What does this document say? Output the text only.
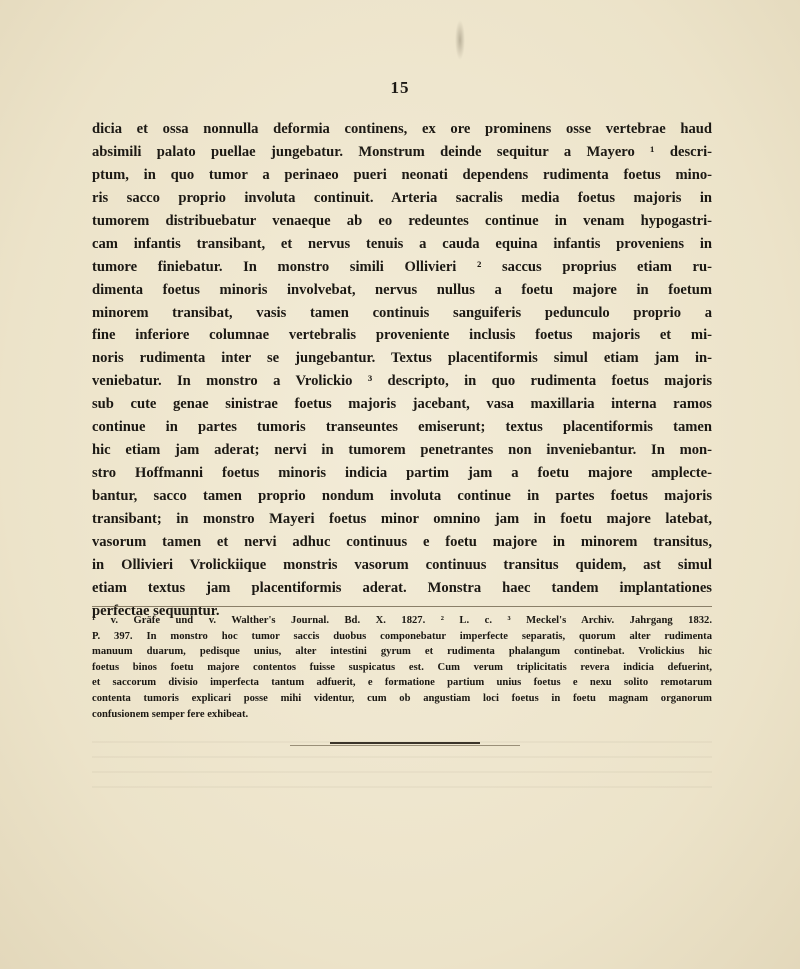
15
dicia et ossa nonnulla deformia continens, ex ore prominens osse vertebrae haud
absimili palato puellae jungebatur. Monstrum deinde sequitur a Mayero ¹ descri-
ptum, in quo tumor a perinaeo pueri neonati dependens rudimenta foetus mino-
ris sacco proprio involuta continuit. Arteria sacralis media foetus majoris in
tumorem distribuebatur venaeque ab eo redeuntes continue in venam hypogastri-
cam infantis transibant, et nervus tenuis a cauda equina infantis proveniens in
tumore finiebatur. In monstro simili Ollivieri ² saccus proprius etiam ru-
dimenta foetus minoris involvebat, nervus nullus a foetu majore in foetum
minorem transibat, vasis tamen continuis sanguiferis pedunculo proprio a
fine inferiore columnae vertebralis proveniente inclusis foetus majoris et mi-
noris rudimenta inter se jungebantur. Textus placentiformis simul etiam jam in-
veniebatur. In monstro a Vrolickio ³ descripto, in quo rudimenta foetus majoris
sub cute genae sinistrae foetus majoris jacebant, vasa maxillaria interna ramos
continue in partes tumoris transeuntes emiserunt; textus placentiformis tamen
hic etiam jam aderat; nervi in tumorem penetrantes non inveniebantur. In mon-
stro Hoffmanni foetus minoris indicia partim jam a foetu majore amplecte-
bantur, sacco tamen proprio nondum involuta continue in partes foetus majoris
transibant; in monstro Mayeri foetus minor omnino jam in foetu majore latebat,
vasorum tamen et nervi adhuc continuus e foetu majore in minorem transitus,
in Ollivieri Vrolickiique monstris vasorum continuus transitus quidem, ast simul
etiam textus jam placentiformis aderat. Monstra haec tandem implantationes
perfectae sequuntur.
¹ v. Gräfe und v. Walther's Journal. Bd. X. 1827. ² L. c. ³ Meckel's Archiv. Jahrgang 1832.
P. 397. In monstro hoc tumor saccis duobus componebatur imperfecte separatis, quorum alter rudimenta
manuum duarum, pedisque unius, alter intestini gyrum et rudimenta phalangum continebat. Vrolickius hic
foetus binos foetu majore contentos fuisse suspicatus est. Cum verum triplicitatis revera indicia defuerint,
et saccorum divisio imperfecta tantum adfuerit, e formatione partium unius foetus e nexu solito remotarum
contenta tumoris explicari posse mihi videntur, cum ob angustiam loci foetus in foetu magnam organorum
confusionem semper fere exhibeat.
